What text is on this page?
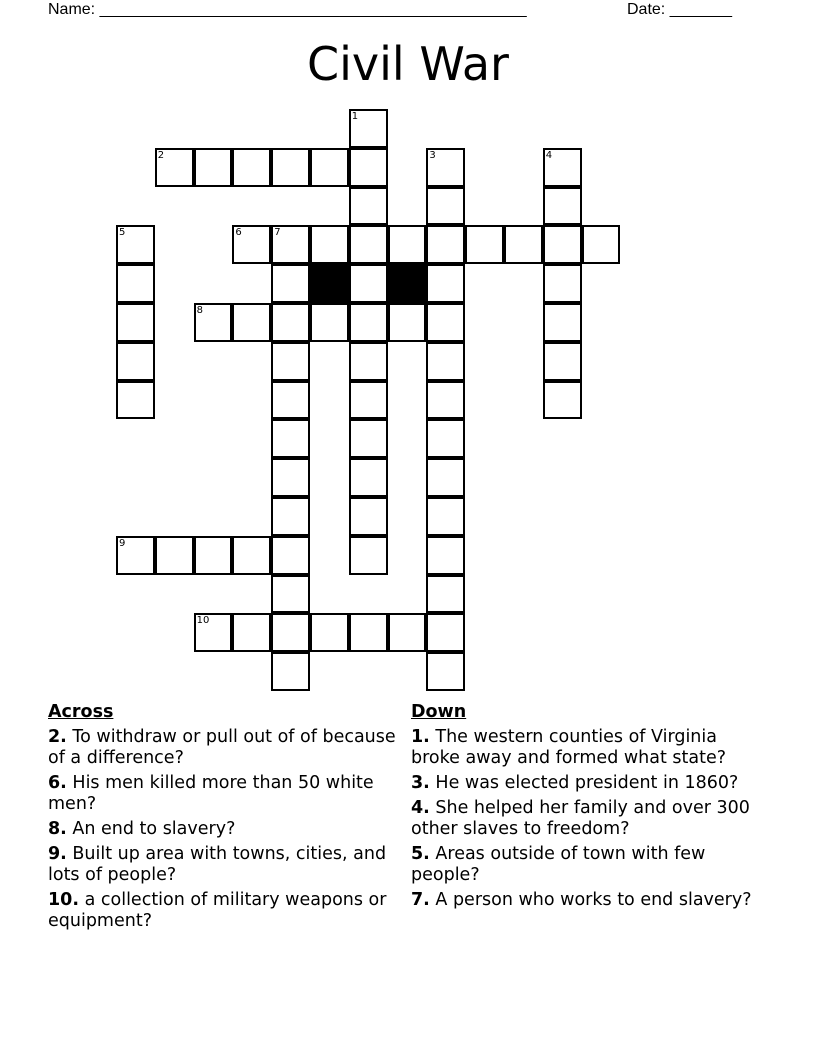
Name: ________________________________________________	Date: _______
Civil War
1
2	3	4
5	6	7
8
9
10
Across
2. To withdraw or pull out of of because of a difference?
6. His men killed more than 50 white men?
8. An end to slavery?
9. Built up area with towns, cities, and lots of people?
10. a collection of military weapons or equipment?
Down
1. The western counties of Virginia broke away and formed what state?
3. He was elected president in 1860?
4. She helped her family and over 300 other slaves to freedom?
5. Areas outside of town with few people?
7. A person who works to end slavery?
